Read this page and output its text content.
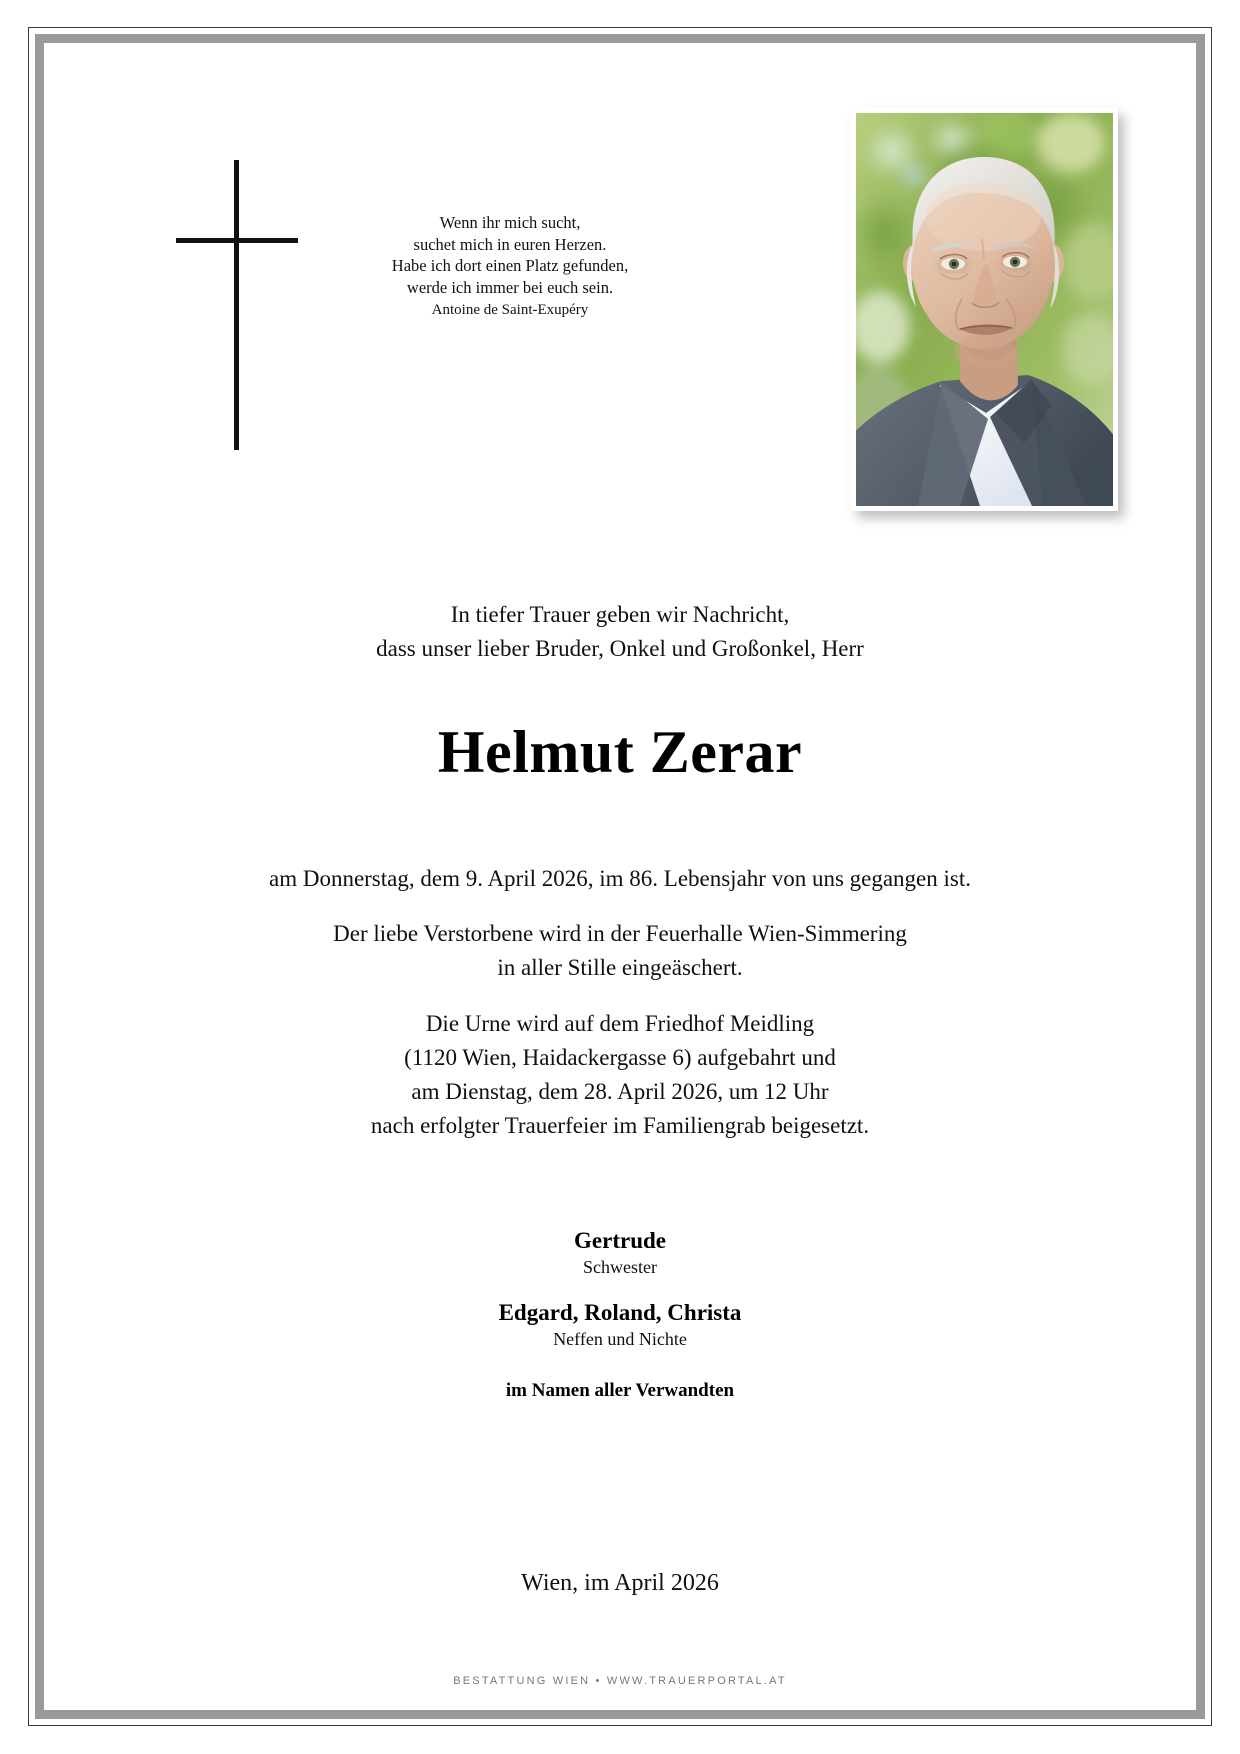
Wenn ihr mich sucht,
suchet mich in euren Herzen.
Habe ich dort einen Platz gefunden,
werde ich immer bei euch sein.
Antoine de Saint-Exupéry
In tiefer Trauer geben wir Nachricht,
dass unser lieber Bruder, Onkel und Großonkel, Herr
Helmut Zerar
am Donnerstag, dem 9. April 2026, im 86. Lebensjahr von uns gegangen ist.
Der liebe Verstorbene wird in der Feuerhalle Wien-Simmering
in aller Stille eingeäschert.
Die Urne wird auf dem Friedhof Meidling
(1120 Wien, Haidackergasse 6) aufgebahrt und
am Dienstag, dem 28. April 2026, um 12 Uhr
nach erfolgter Trauerfeier im Familiengrab beigesetzt.
Gertrude
Schwester
Edgard, Roland, Christa
Neffen und Nichte
im Namen aller Verwandten
Wien, im April 2026
BESTATTUNG WIEN • WWW.TRAUERPORTAL.AT
